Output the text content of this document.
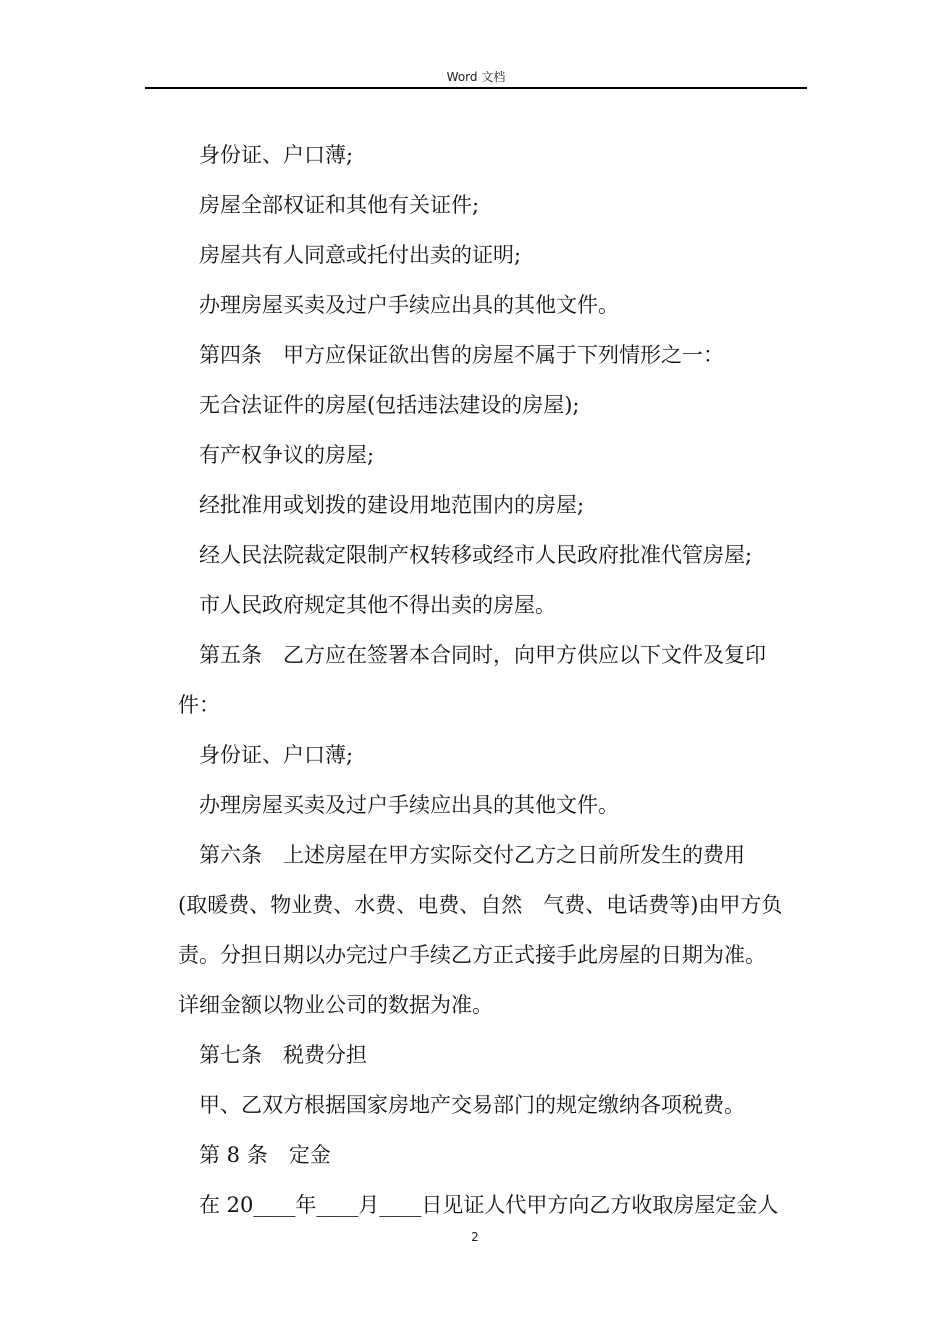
Word 文档
身份证、户口薄;
房屋全部权证和其他有关证件;
房屋共有人同意或托付出卖的证明;
办理房屋买卖及过户手续应出具的其他文件。
第四条　甲方应保证欲出售的房屋不属于下列情形之一：
无合法证件的房屋(包括违法建设的房屋);
有产权争议的房屋;
经批准用或划拨的建设用地范围内的房屋;
经人民法院裁定限制产权转移或经市人民政府批准代管房屋;
市人民政府规定其他不得出卖的房屋。
第五条　乙方应在签署本合同时，向甲方供应以下文件及复印
件：
身份证、户口薄;
办理房屋买卖及过户手续应出具的其他文件。
第六条　上述房屋在甲方实际交付乙方之日前所发生的费用
(取暖费、物业费、水费、电费、自然　气费、电话费等)由甲方负
责。分担日期以办完过户手续乙方正式接手此房屋的日期为准。
详细金额以物业公司的数据为准。
第七条　税费分担
甲、乙双方根据国家房地产交易部门的规定缴纳各项税费。
第 8 条　定金
在 20____年____月____日见证人代甲方向乙方收取房屋定金人
2
